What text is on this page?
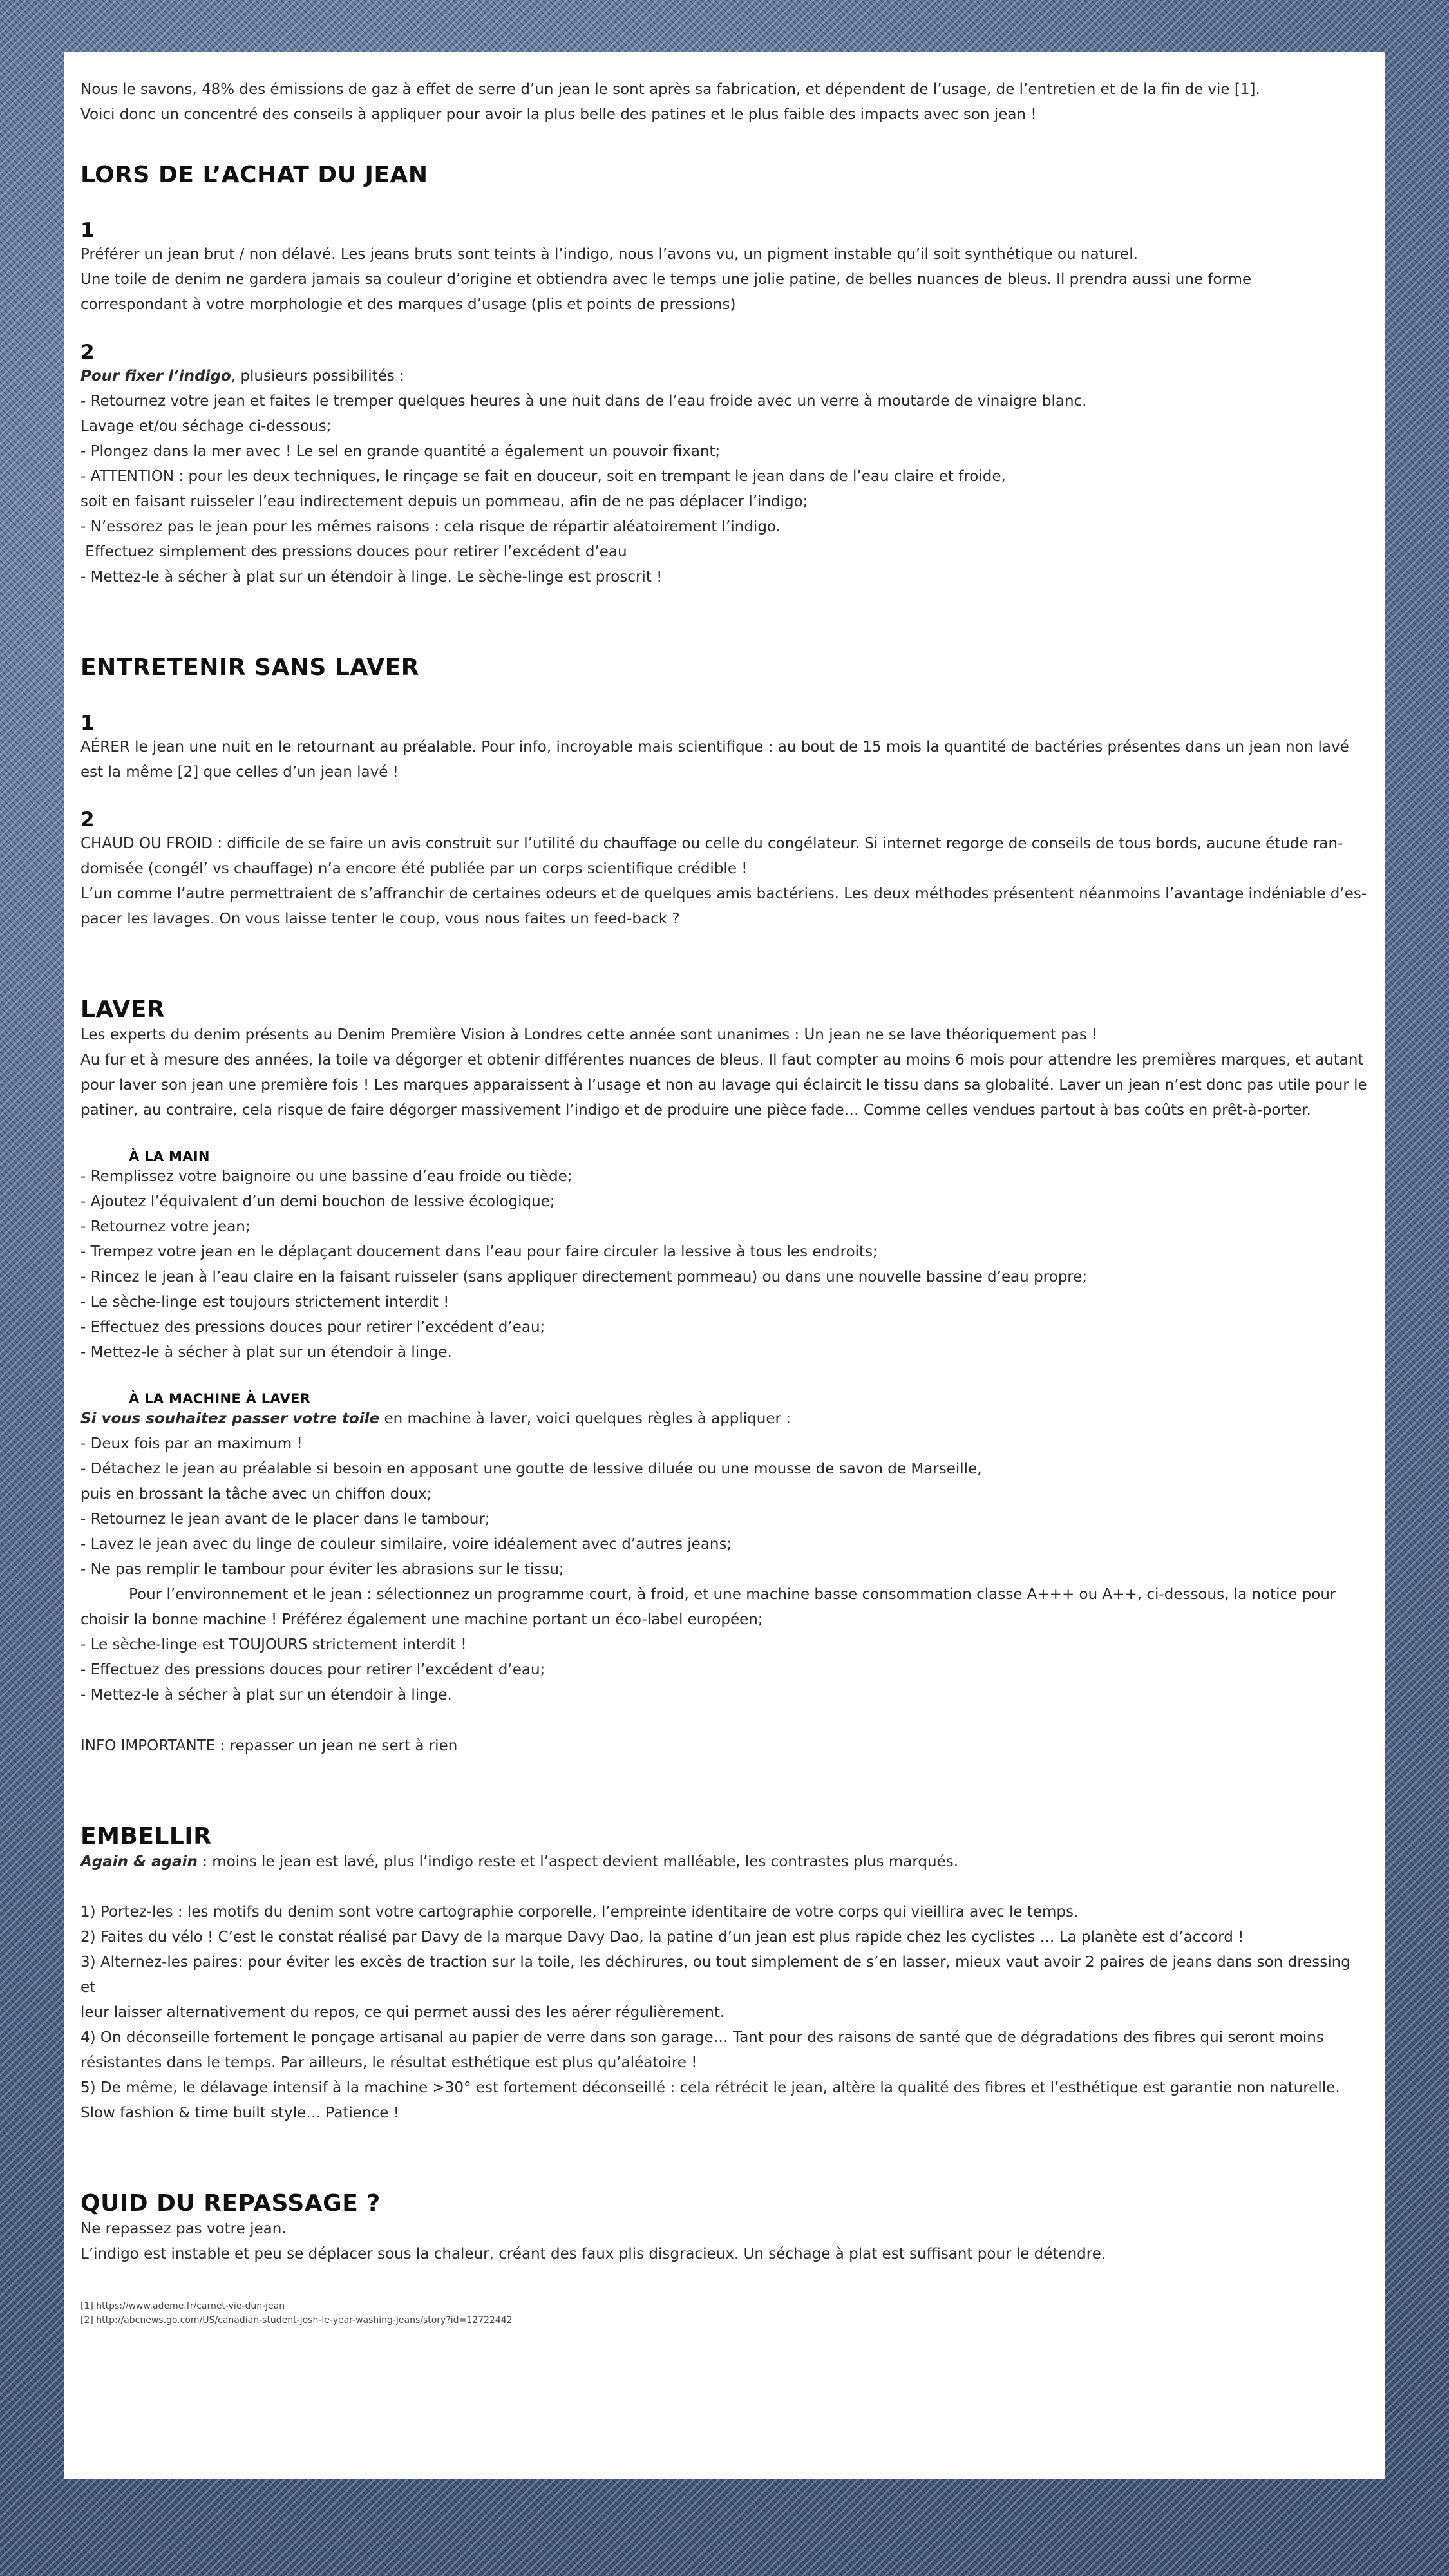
Nous le savons, 48% des émissions de gaz à effet de serre d’un jean le sont après sa fabrication, et dépendent de l’usage, de l’entretien et de la fin de vie [1].

Voici donc un concentré des conseils à appliquer pour avoir la plus belle des patines et le plus faible des impacts avec son jean !

LORS DE L’ACHAT DU JEAN
1

Préférer un jean brut / non délavé. Les jeans bruts sont teints à l’indigo, nous l’avons vu, un pigment instable qu’il soit synthétique ou naturel.

Une toile de denim ne gardera jamais sa couleur d’origine et obtiendra avec le temps une jolie patine, de belles nuances de bleus. Il prendra aussi une forme

correspondant à votre morphologie et des marques d’usage (plis et points de pressions)

2

Pour fixer l’indigo, plusieurs possibilités :

- Retournez votre jean et faites le tremper quelques heures à une nuit dans de l’eau froide avec un verre à moutarde de vinaigre blanc.

Lavage et/ou séchage ci-dessous;

- Plongez dans la mer avec ! Le sel en grande quantité a également un pouvoir fixant;

- ATTENTION : pour les deux techniques, le rinçage se fait en douceur, soit en trempant le jean dans de l’eau claire et froide,

soit en faisant ruisseler l’eau indirectement depuis un pommeau, afin de ne pas déplacer l’indigo;

- N’essorez pas le jean pour les mêmes raisons : cela risque de répartir aléatoirement l’indigo.

Effectuez simplement des pressions douces pour retirer l’excédent d’eau

- Mettez-le à sécher à plat sur un étendoir à linge. Le sèche-linge est proscrit !

ENTRETENIR SANS LAVER
1

AÉRER le jean une nuit en le retournant au préalable. Pour info, incroyable mais scientifique : au bout de 15 mois la quantité de bactéries présentes dans un jean non lavé

est la même [2] que celles d’un jean lavé !

2

CHAUD OU FROID : difficile de se faire un avis construit sur l’utilité du chauffage ou celle du congélateur. Si internet regorge de conseils de tous bords, aucune étude ran-

domisée (congél’ vs chauffage) n’a encore été publiée par un corps scientifique crédible !

L’un comme l’autre permettraient de s’affranchir de certaines odeurs et de quelques amis bactériens. Les deux méthodes présentent néanmoins l’avantage indéniable d’es-

pacer les lavages. On vous laisse tenter le coup, vous nous faites un feed-back ?

LAVER

Les experts du denim présents au Denim Première Vision à Londres cette année sont unanimes : Un jean ne se lave théoriquement pas !

Au fur et à mesure des années, la toile va dégorger et obtenir différentes nuances de bleus. Il faut compter au moins 6 mois pour attendre les premières marques, et autant

pour laver son jean une première fois ! Les marques apparaissent à l’usage et non au lavage qui éclaircit le tissu dans sa globalité. Laver un jean n’est donc pas utile pour le

patiner, au contraire, cela risque de faire dégorger massivement l’indigo et de produire une pièce fade… Comme celles vendues partout à bas coûts en prêt-à-porter.

À LA MAIN

- Remplissez votre baignoire ou une bassine d’eau froide ou tiède;

- Ajoutez l’équivalent d’un demi bouchon de lessive écologique;

- Retournez votre jean;

- Trempez votre jean en le déplaçant doucement dans l’eau pour faire circuler la lessive à tous les endroits;

- Rincez le jean à l’eau claire en la faisant ruisseler (sans appliquer directement pommeau) ou dans une nouvelle bassine d’eau propre;

- Le sèche-linge est toujours strictement interdit !

- Effectuez des pressions douces pour retirer l’excédent d’eau;

- Mettez-le à sécher à plat sur un étendoir à linge.

À LA MACHINE À LAVER

Si vous souhaitez passer votre toile en machine à laver, voici quelques règles à appliquer :

- Deux fois par an maximum !

- Détachez le jean au préalable si besoin en apposant une goutte de lessive diluée ou une mousse de savon de Marseille,

puis en brossant la tâche avec un chiffon doux;

- Retournez le jean avant de le placer dans le tambour;

- Lavez le jean avec du linge de couleur similaire, voire idéalement avec d’autres jeans;

- Ne pas remplir le tambour pour éviter les abrasions sur le tissu;

Pour l’environnement et le jean : sélectionnez un programme court, à froid, et une machine basse consommation classe A+++ ou A++, ci-dessous, la notice pour

choisir la bonne machine ! Préférez également une machine portant un éco-label européen;

- Le sèche-linge est TOUJOURS strictement interdit !

- Effectuez des pressions douces pour retirer l’excédent d’eau;

- Mettez-le à sécher à plat sur un étendoir à linge.

INFO IMPORTANTE : repasser un jean ne sert à rien

EMBELLIR

Again & again : moins le jean est lavé, plus l’indigo reste et l’aspect devient malléable, les contrastes plus marqués.

1) Portez-les : les motifs du denim sont votre cartographie corporelle, l’empreinte identitaire de votre corps qui vieillira avec le temps.

2) Faites du vélo ! C’est le constat réalisé par Davy de la marque Davy Dao, la patine d’un jean est plus rapide chez les cyclistes … La planète est d’accord !

3) Alternez-les paires: pour éviter les excès de traction sur la toile, les déchirures, ou tout simplement de s’en lasser, mieux vaut avoir 2 paires de jeans dans son dressing et

leur laisser alternativement du repos, ce qui permet aussi des les aérer régulièrement.

4) On déconseille fortement le ponçage artisanal au papier de verre dans son garage… Tant pour des raisons de santé que de dégradations des fibres qui seront moins

résistantes dans le temps. Par ailleurs, le résultat esthétique est plus qu’aléatoire !

5) De même, le délavage intensif à la machine >30° est fortement déconseillé : cela rétrécit le jean, altère la qualité des fibres et l’esthétique est garantie non naturelle.

Slow fashion & time built style… Patience !

QUID DU REPASSAGE ?

Ne repassez pas votre jean.

L’indigo est instable et peu se déplacer sous la chaleur, créant des faux plis disgracieux. Un séchage à plat est suffisant pour le détendre.

[1] https://www.ademe.fr/carnet-vie-dun-jean

[2] http://abcnews.go.com/US/canadian-student-josh-le-year-washing-jeans/story?id=12722442
